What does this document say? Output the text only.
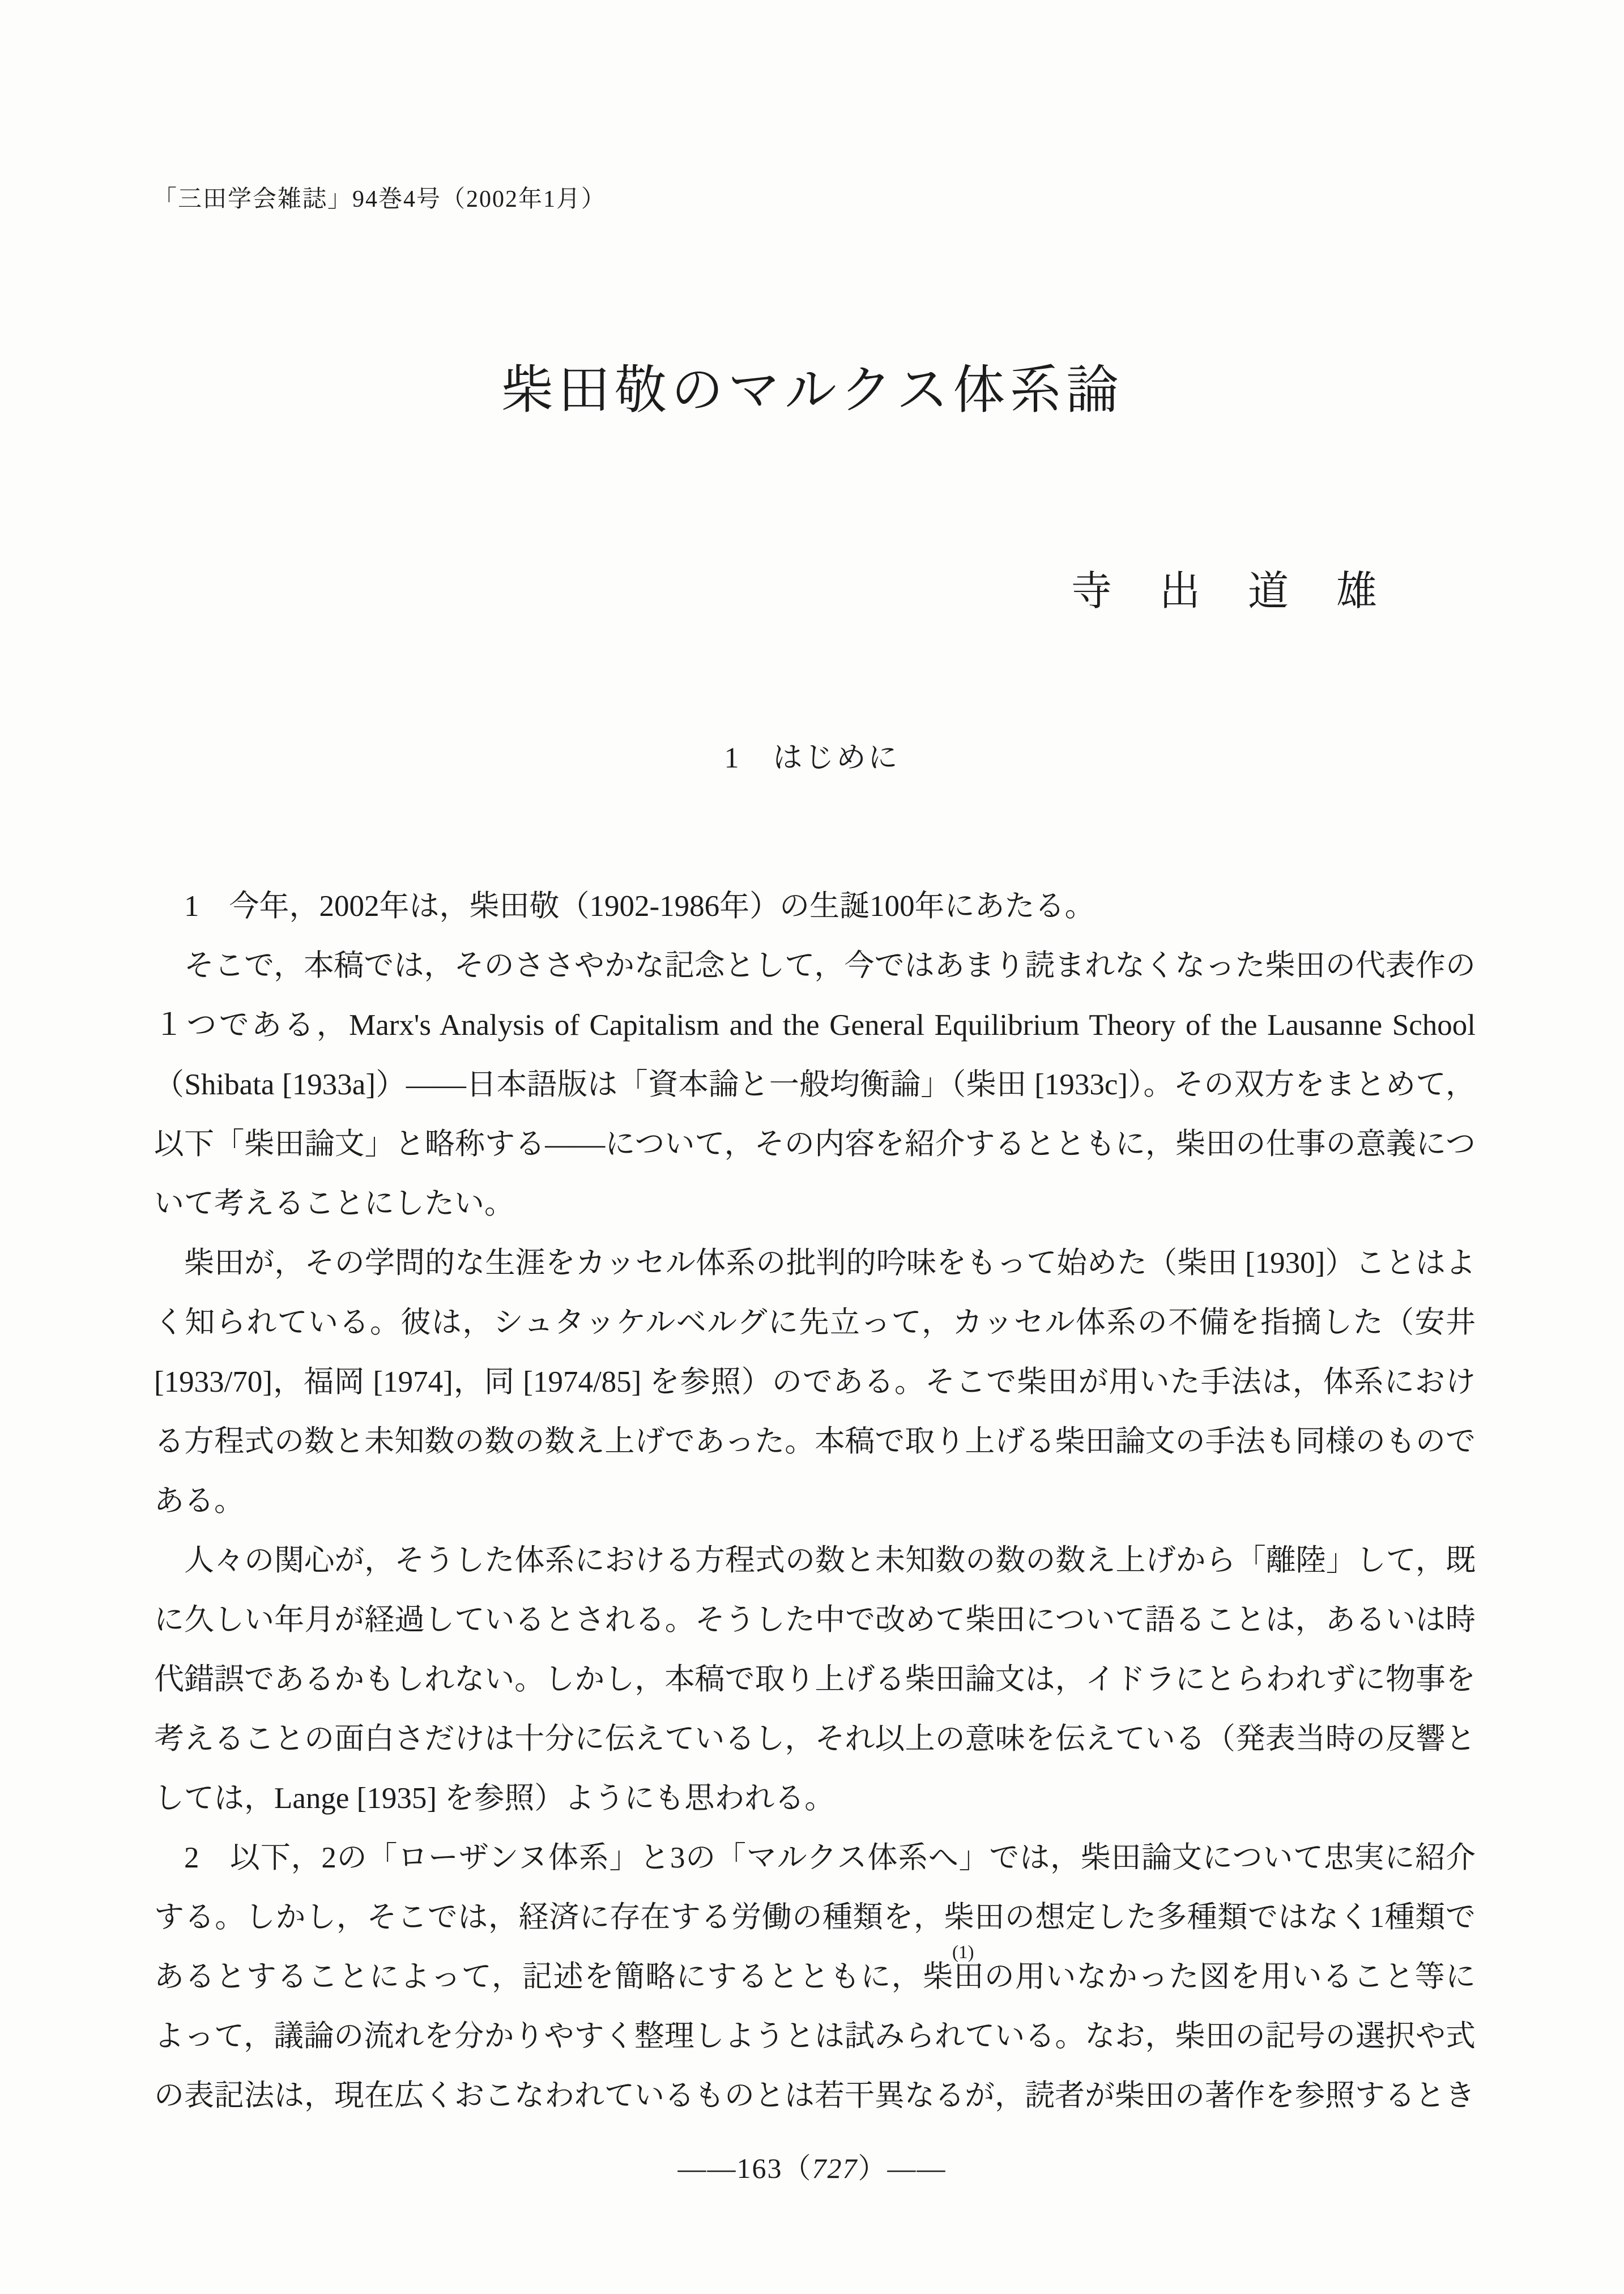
「三田学会雑誌」94巻4号（2002年1月）
柴田敬のマルクス体系論
寺　出　道　雄
1　はじめに

1　今年，2002年は，柴田敬（1902-1986年）の生誕100年にあたる。

そこで，本稿では，そのささやかな記念として，今ではあまり読まれなくなった柴田の代表作の１つである，Marx's Analysis of Capitalism and the General Equilibrium Theory of the Lausanne School（Shibata [1933a]）――日本語版は「資本論と一般均衡論」（柴田 [1933c]）。その双方をまとめて，以下「柴田論文」と略称する――について，その内容を紹介するとともに，柴田の仕事の意義について考えることにしたい。

柴田が，その学問的な生涯をカッセル体系の批判的吟味をもって始めた（柴田 [1930]）ことはよく知られている。彼は，シュタッケルベルグに先立って，カッセル体系の不備を指摘した（安井 [1933/70]，福岡 [1974]，同 [1974/85] を参照）のである。そこで柴田が用いた手法は，体系における方程式の数と未知数の数の数え上げであった。本稿で取り上げる柴田論文の手法も同様のものである。

人々の関心が，そうした体系における方程式の数と未知数の数の数え上げから「離陸」して，既に久しい年月が経過しているとされる。そうした中で改めて柴田について語ることは，あるいは時代錯誤であるかもしれない。しかし，本稿で取り上げる柴田論文は，イドラにとらわれずに物事を考えることの面白さだけは十分に伝えているし，それ以上の意味を伝えている（発表当時の反響としては，Lange [1935] を参照）ようにも思われる。

2　以下，2の「ローザンヌ体系」と3の「マルクス体系へ」では，柴田論文について忠実に紹介する。しかし，そこでは，経済に存在する労働の種類を，柴田の想定した多種類ではなく1種類であるとすることによって，記述を簡略にするとともに，$^{(1)}$柴田の用いなかった図を用いること等によって，議論の流れを分かりやすく整理しようとは試みられている。なお，柴田の記号の選択や式の表記法は，現在広くおこなわれているものとは若干異なるが，読者が柴田の著作を参照するとき

――163（727）――
